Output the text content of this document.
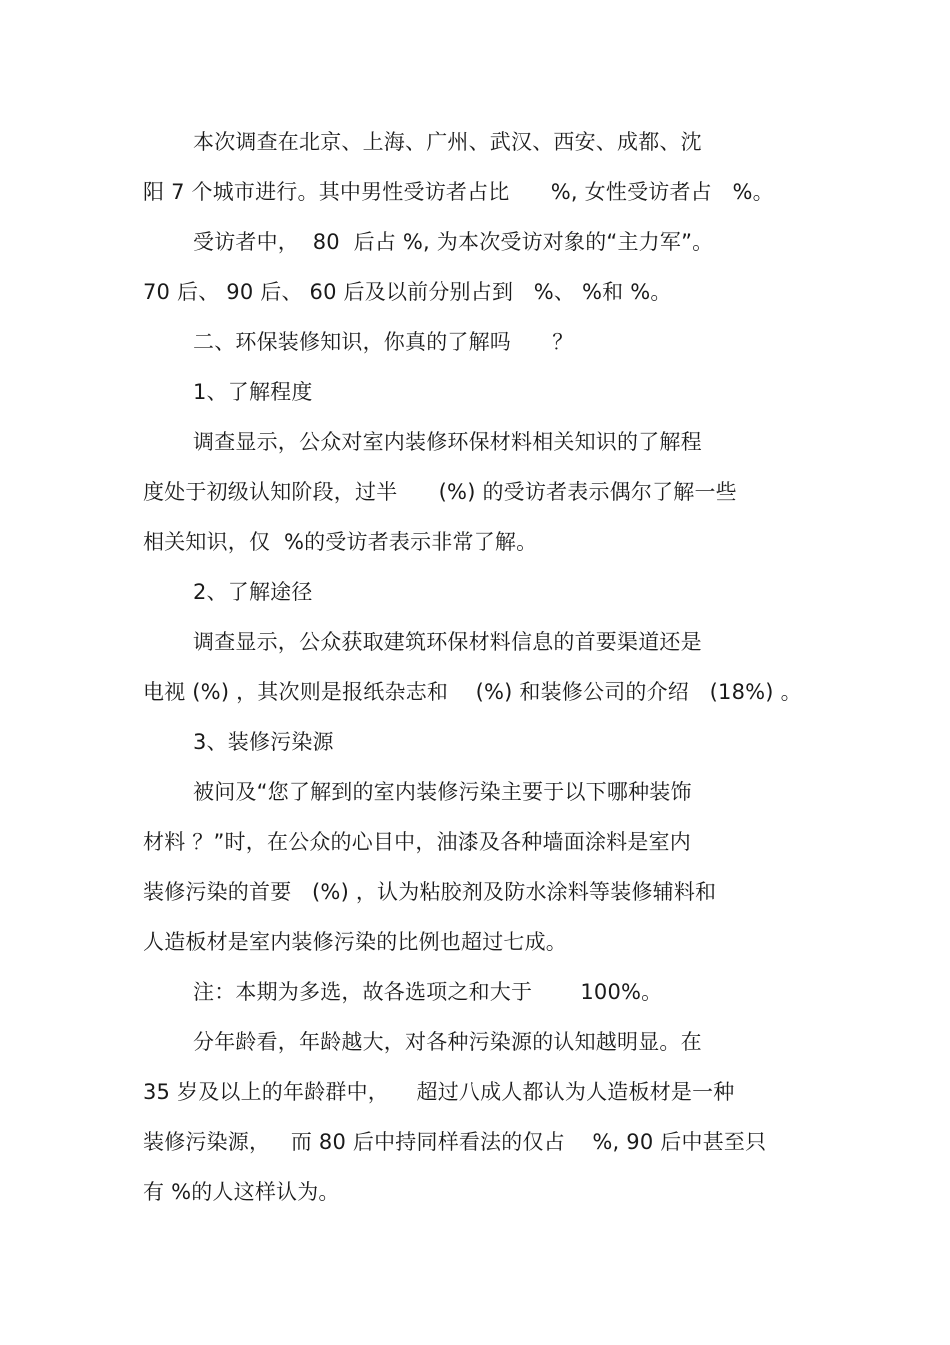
本次调查在北京、上海、广州、武汉、西安、成都、沈
阳 7 个城市进行。其中男性受访者占比      %, 女性受访者占   %。
受访者中，  80  后占 %, 为本次受访对象的“主力军”。
70 后、 90 后、 60 后及以前分别占到   %、 %和 %。
二、环保装修知识，你真的了解吗      ？
1、了解程度
调查显示，公众对室内装修环保材料相关知识的了解程
度处于初级认知阶段，过半      (%) 的受访者表示偶尔了解一些
相关知识，仅  %的受访者表示非常了解。
2、了解途径
调查显示，公众获取建筑环保材料信息的首要渠道还是
电视 (%) ，其次则是报纸杂志和    (%) 和装修公司的介绍   (18%) 。
3、装修污染源
被问及“您了解到的室内装修污染主要于以下哪种装饰
材料 ？”时，在公众的心目中，油漆及各种墙面涂料是室内
装修污染的首要   (%) ，认为粘胶剂及防水涂料等装修辅料和
人造板材是室内装修污染的比例也超过七成。
注：本期为多选，故各选项之和大于       100%。
分年龄看，年龄越大，对各种污染源的认知越明显。在
35 岁及以上的年龄群中，    超过八成人都认为人造板材是一种
装修污染源，   而 80 后中持同样看法的仅占    %, 90 后中甚至只
有 %的人这样认为。
